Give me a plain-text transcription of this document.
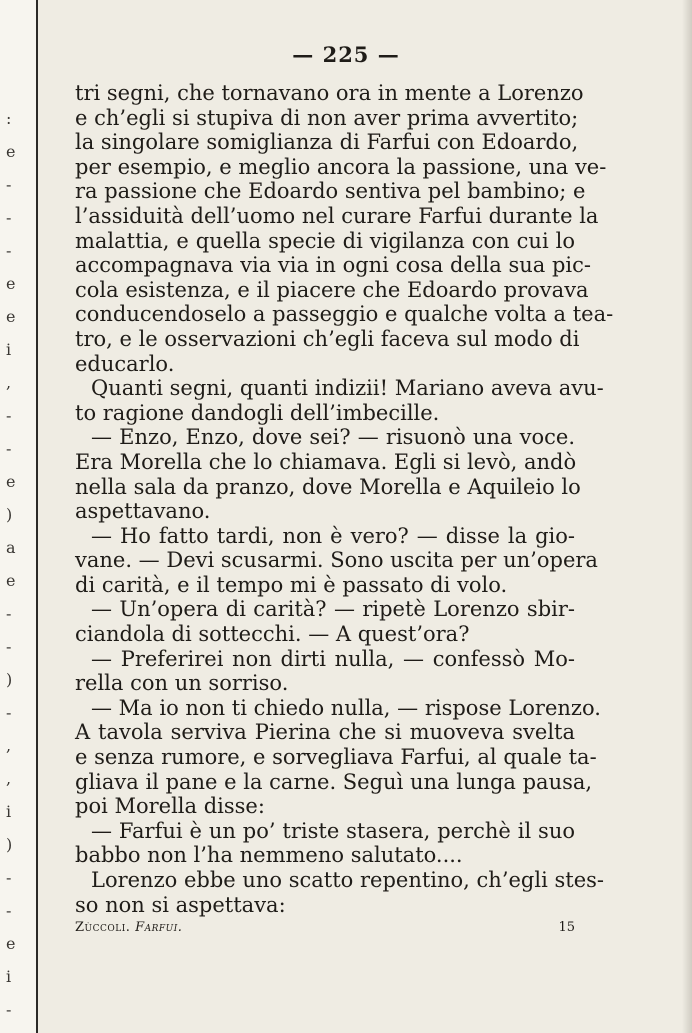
:
e
-
-
-
e
e
i
,
-
-
e
)
a
e
-
-
)
-
,
,
i
)
-
-
e
i
-
— 225 —
tri segni, che tornavano ora in mente a Lorenzo
e ch’egli si stupiva di non aver prima avvertito;
la singolare somiglianza di Farfui con Edoardo,
per esempio, e meglio ancora la passione, una ve-
ra passione che Edoardo sentiva pel bambino; e
l’assiduità dell’uomo nel curare Farfui durante la
malattia, e quella specie di vigilanza con cui lo
accompagnava via via in ogni cosa della sua pic-
cola esistenza, e il piacere che Edoardo provava
conducendoselo a passeggio e qualche volta a tea-
tro, e le osservazioni ch’egli faceva sul modo di
educarlo.
Quanti segni, quanti indizii! Mariano aveva avu-
to ragione dandogli dell’imbecille.
— Enzo, Enzo, dove sei? — risuonò una voce.
Era Morella che lo chiamava. Egli si levò, andò
nella sala da pranzo, dove Morella e Aquileio lo
aspettavano.
— Ho fatto tardi, non è vero? — disse la gio-
vane. — Devi scusarmi. Sono uscita per un’opera
di carità, e il tempo mi è passato di volo.
— Un’opera di carità? — ripetè Lorenzo sbir-
ciandola di sottecchi. — A quest’ora?
— Preferirei non dirti nulla, — confessò Mo-
rella con un sorriso.
— Ma io non ti chiedo nulla, — rispose Lorenzo.
A tavola serviva Pierina che si muoveva svelta
e senza rumore, e sorvegliava Farfui, al quale ta-
gliava il pane e la carne. Seguì una lunga pausa,
poi Morella disse:
— Farfui è un po’ triste stasera, perchè il suo
babbo non l’ha nemmeno salutato....
Lorenzo ebbe uno scatto repentino, ch’egli stes-
so non si aspettava:
Zùccoli. Farfui.	15
